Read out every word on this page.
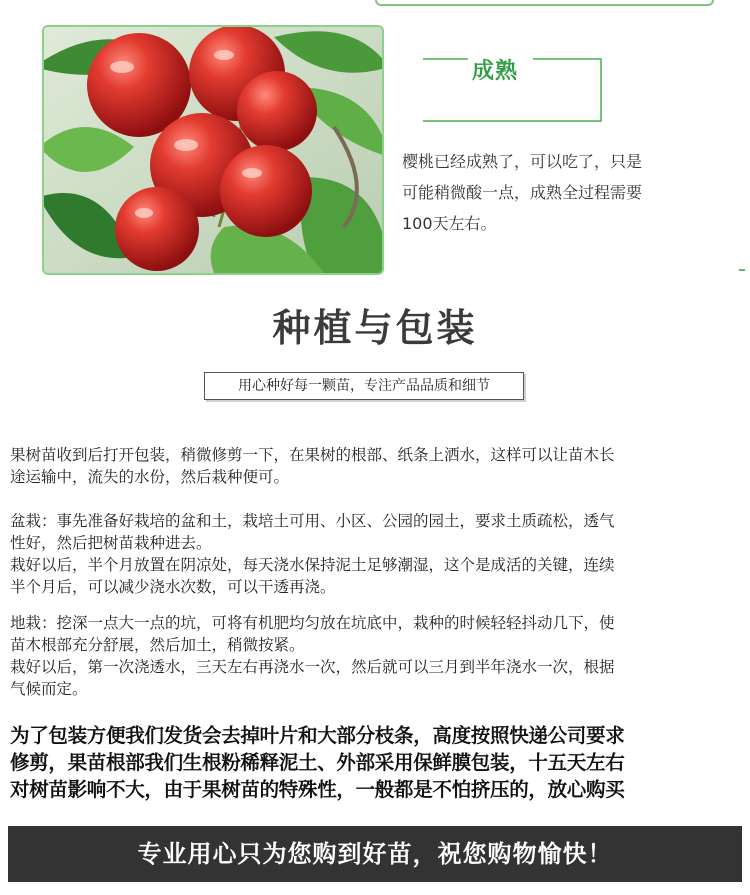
成熟
樱桃已经成熟了，可以吃了，只是
可能稍微酸一点，成熟全过程需要
100天左右。
种植与包装
用心种好每一颗苗，专注产品品质和细节
果树苗收到后打开包装，稍微修剪一下，在果树的根部、纸条上洒水，这样可以让苗木长
途运输中，流失的水份，然后栽种便可。
盆栽：事先准备好栽培的盆和土，栽培土可用、小区、公园的园土，要求土质疏松，透气
性好，然后把树苗栽种进去。
栽好以后，半个月放置在阴凉处，每天浇水保持泥土足够潮湿，这个是成活的关键，连续
半个月后，可以减少浇水次数，可以干透再浇。
地栽：挖深一点大一点的坑，可将有机肥均匀放在坑底中，栽种的时候轻轻抖动几下，使
苗木根部充分舒展，然后加土，稍微按紧。
栽好以后，第一次浇透水，三天左右再浇水一次，然后就可以三月到半年浇水一次，根据
气候而定。
为了包装方便我们发货会去掉叶片和大部分枝条，高度按照快递公司要求
修剪，果苗根部我们生根粉稀释泥土、外部采用保鲜膜包装，十五天左右
对树苗影响不大，由于果树苗的特殊性，一般都是不怕挤压的，放心购买
专业用心只为您购到好苗，祝您购物愉快！
